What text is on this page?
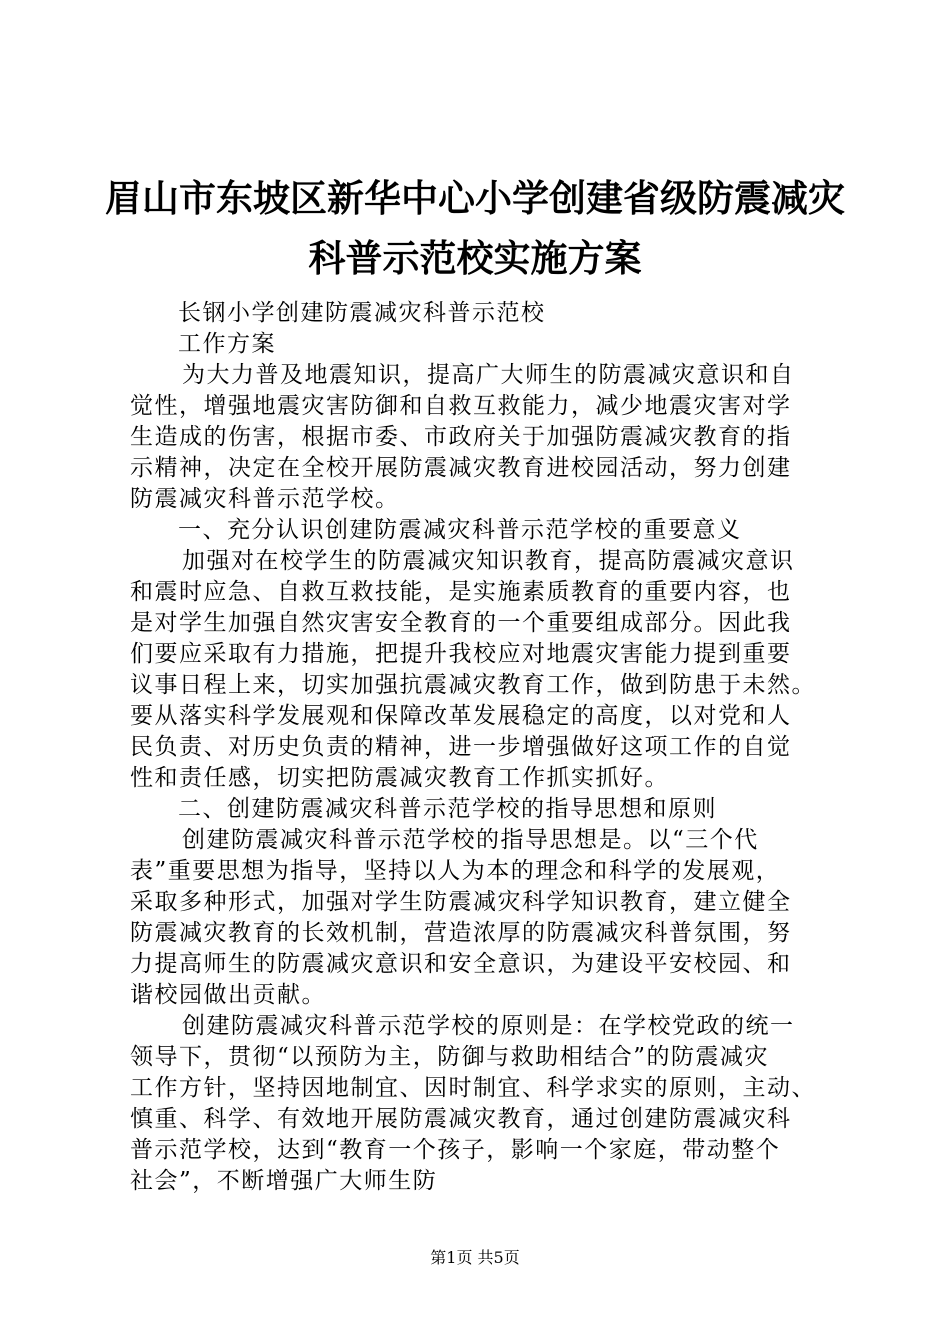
眉山市东坡区新华中心小学创建省级防震减灾
科普示范校实施方案
长钢小学创建防震减灾科普示范校
工作方案
为大力普及地震知识，提高广大师生的防震减灾意识和自
觉性，增强地震灾害防御和自救互救能力，减少地震灾害对学
生造成的伤害，根据市委、市政府关于加强防震减灾教育的指
示精神，决定在全校开展防震减灾教育进校园活动，努力创建
防震减灾科普示范学校。
一、充分认识创建防震减灾科普示范学校的重要意义
加强对在校学生的防震减灾知识教育，提高防震减灾意识
和震时应急、自救互救技能，是实施素质教育的重要内容，也
是对学生加强自然灾害安全教育的一个重要组成部分。因此我
们要应采取有力措施，把提升我校应对地震灾害能力提到重要
议事日程上来，切实加强抗震减灾教育工作，做到防患于未然。
要从落实科学发展观和保障改革发展稳定的高度，以对党和人
民负责、对历史负责的精神，进一步增强做好这项工作的自觉
性和责任感，切实把防震减灾教育工作抓实抓好。
二、创建防震减灾科普示范学校的指导思想和原则
创建防震减灾科普示范学校的指导思想是。以“三个代
表”重要思想为指导，坚持以人为本的理念和科学的发展观，
采取多种形式，加强对学生防震减灾科学知识教育，建立健全
防震减灾教育的长效机制，营造浓厚的防震减灾科普氛围，努
力提高师生的防震减灾意识和安全意识，为建设平安校园、和
谐校园做出贡献。
创建防震减灾科普示范学校的原则是：在学校党政的统一
领导下，贯彻“以预防为主，防御与救助相结合”的防震减灾
工作方针，坚持因地制宜、因时制宜、科学求实的原则，主动、
慎重、科学、有效地开展防震减灾教育，通过创建防震减灾科
普示范学校，达到“教育一个孩子，影响一个家庭，带动整个
社会”，不断增强广大师生防
第1页 共5页
